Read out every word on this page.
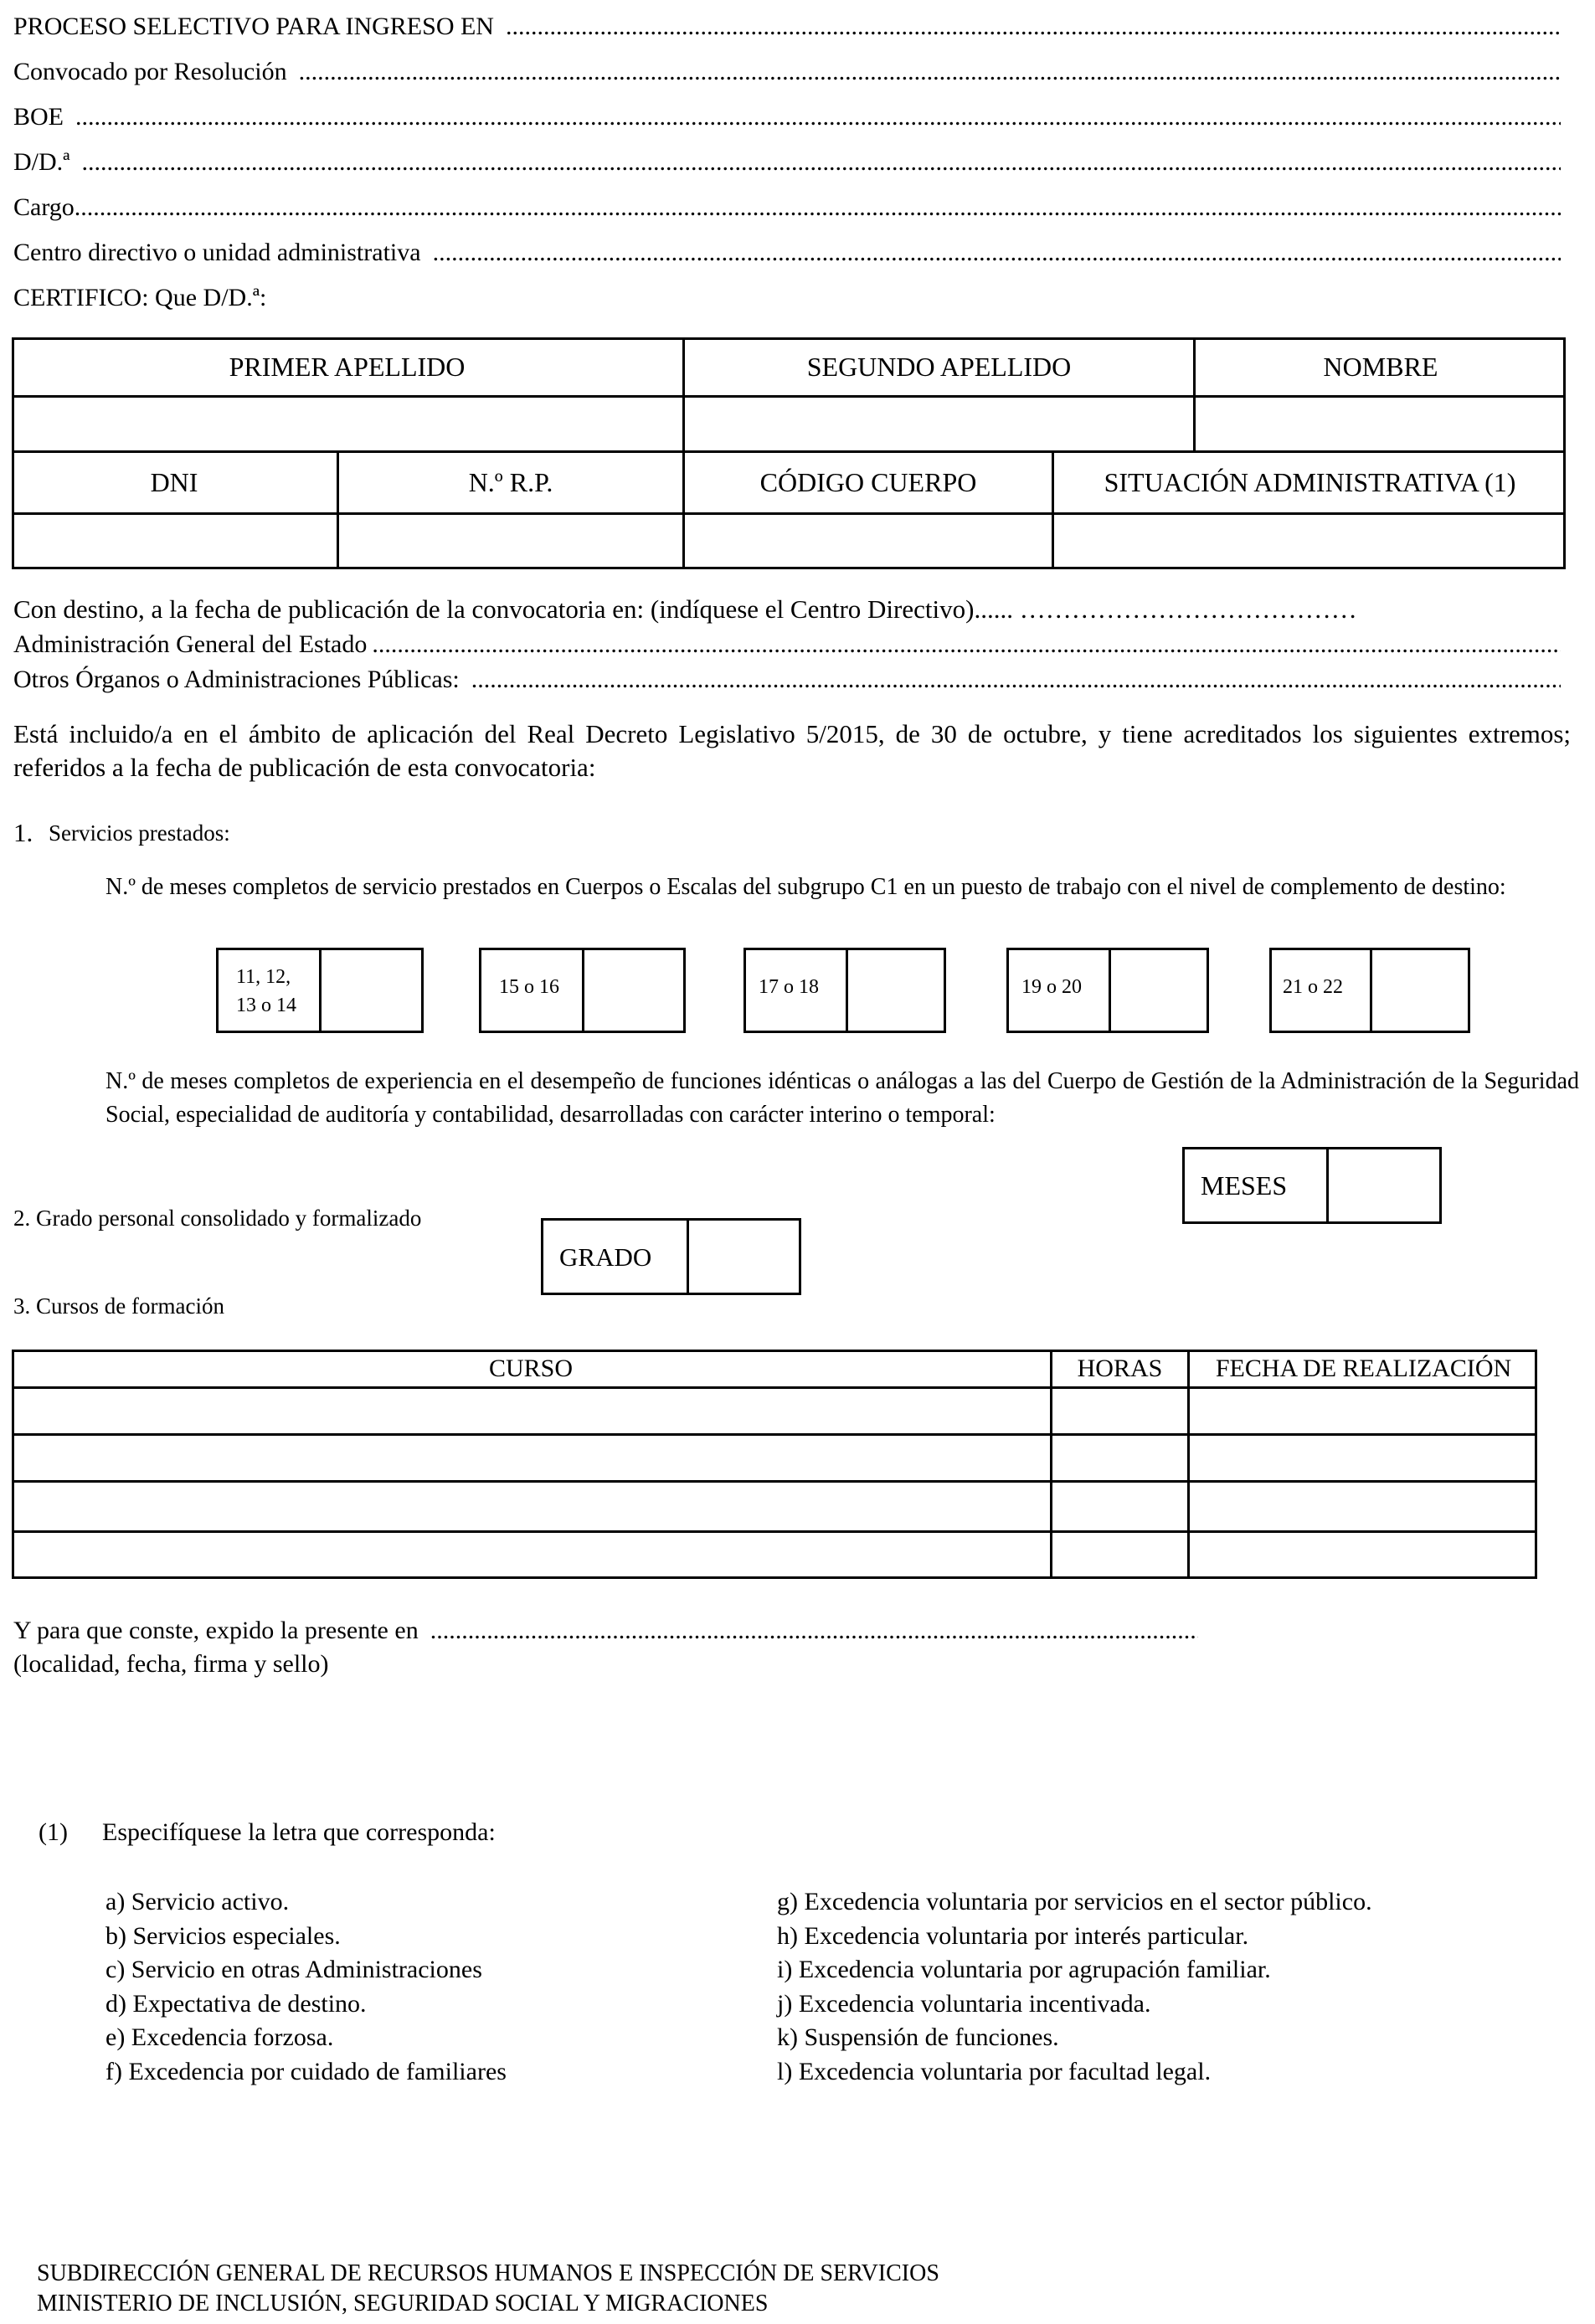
PROCESO SELECTIVO PARA INGRESO EN
.....
Convocado por Resolución
.....
BOE
.....
D/D.ª
.....
Cargo
.....
Centro directivo o unidad administrativa
.....
CERTIFICO: Que D/D.ª:
PRIMER APELLIDO	SEGUNDO APELLIDO	NOMBRE
DNI	N.º R.P.	CÓDIGO CUERPO	SITUACIÓN ADMINISTRATIVA (1)
Con destino, a la fecha de publicación de la convocatoria en: (indíquese el Centro Directivo)...... …………………………………
Administración General del Estado
.....
Otros Órganos o Administraciones Públicas:
.....
Está incluido/a en el ámbito de aplicación del Real Decreto Legislativo 5/2015, de 30 de octubre, y tiene acreditados los siguientes extremos; referidos a la fecha de publicación de esta convocatoria:
1. Servicios prestados:
N.º de meses completos de servicio prestados en Cuerpos o Escalas del subgrupo C1 en un puesto de trabajo con el nivel de complemento de destino:
11, 12,
13 o 14
15 o 16	17 o 18	19 o 20	21 o 22
N.º de meses completos de experiencia en el desempeño de funciones idénticas o análogas a las del Cuerpo de Gestión de la Administración de la Seguridad Social, especialidad de auditoría y contabilidad, desarrolladas con carácter interino o temporal:
MESES
2. Grado personal consolidado y formalizado
GRADO
3. Cursos de formación
CURSO	HORAS	FECHA DE REALIZACIÓN
Y para que conste, expido la presente en
.....
(localidad, fecha, firma y sello)
(1) Especifíquese la letra que corresponda:
a) Servicio activo.
b) Servicios especiales.
c) Servicio en otras Administraciones
d) Expectativa de destino.
e) Excedencia forzosa.
f) Excedencia por cuidado de familiares
g) Excedencia voluntaria por servicios en el sector público.
h) Excedencia voluntaria por interés particular.
i) Excedencia voluntaria por agrupación familiar.
j) Excedencia voluntaria incentivada.
k) Suspensión de funciones.
l) Excedencia voluntaria por facultad legal.
SUBDIRECCIÓN GENERAL DE RECURSOS HUMANOS E INSPECCIÓN DE SERVICIOS
MINISTERIO DE INCLUSIÓN, SEGURIDAD SOCIAL Y MIGRACIONES
